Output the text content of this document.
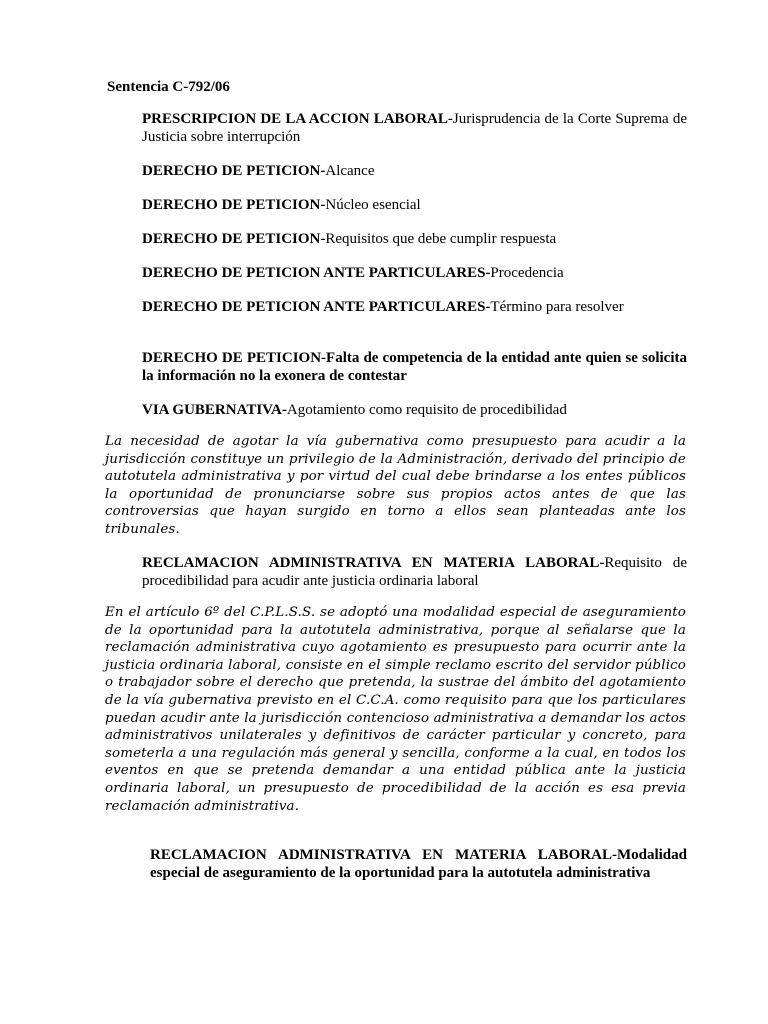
Sentencia C-792/06
PRESCRIPCION DE LA ACCION LABORAL-Jurisprudencia de la Corte Suprema de Justicia sobre interrupción
DERECHO DE PETICION-Alcance
DERECHO DE PETICION-Núcleo esencial
DERECHO DE PETICION-Requisitos que debe cumplir respuesta
DERECHO DE PETICION ANTE PARTICULARES-Procedencia
DERECHO DE PETICION ANTE PARTICULARES-Término para resolver
DERECHO DE PETICION-Falta de competencia de la entidad ante quien se solicita la información no la exonera de contestar
VIA GUBERNATIVA-Agotamiento como requisito de procedibilidad
La necesidad de agotar la vía gubernativa como presupuesto para acudir a la jurisdicción constituye un privilegio de la Administración, derivado del principio de autotutela administrativa y por virtud del cual debe brindarse a los entes públicos la oportunidad de pronunciarse sobre sus propios actos antes de que las controversias que hayan surgido en torno a ellos sean planteadas ante los tribunales.
RECLAMACION ADMINISTRATIVA EN MATERIA LABORAL-Requisito de procedibilidad para acudir ante justicia ordinaria laboral
En el artículo 6º del C.P.L.S.S. se adoptó una modalidad especial de aseguramiento de la oportunidad para la autotutela administrativa, porque al señalarse que la reclamación administrativa cuyo agotamiento es presupuesto para ocurrir ante la justicia ordinaria laboral, consiste en el simple reclamo escrito del servidor público o trabajador sobre el derecho que pretenda, la sustrae del ámbito del agotamiento de la vía gubernativa previsto en el C.C.A. como requisito para que los particulares puedan acudir ante la jurisdicción contencioso administrativa a demandar los actos administrativos unilaterales y definitivos de carácter particular y concreto, para someterla a una regulación más general y sencilla, conforme a la cual, en todos los eventos en que se pretenda demandar a una entidad pública ante la justicia ordinaria laboral, un presupuesto de procedibilidad de la acción es esa previa reclamación administrativa.
RECLAMACION ADMINISTRATIVA EN MATERIA LABORAL-Modalidad especial de aseguramiento de la oportunidad para la autotutela administrativa
